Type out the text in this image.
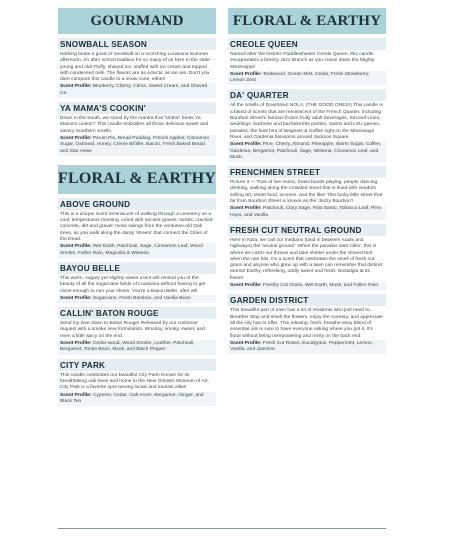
GOURMAND
SNOWBALL SEASON
Nothing beats a good ol' snowball on a scorching Louisiana Summer afternoon. An after school tradition for so many of us here in the state - young and old! Fluffy, shaved ice, stuffed with ice cream and topped with condensed milk. The flavors are as eclectic as we are. Don't you dare compare this candle to a snow cone, either!
Scent Profile: Blueberry, Cherry, Citrus, Sweet Cream, and Shaved Ice
YA MAMA'S COOKIN'
Down in the South, we stand by the mantra that 'Nothin' beats Ya Mama's cookin'!' This candle embodies all those delicious sweet and savory Southern smells.
Scent Profile: Pecan Pie, Bread Pudding, French Apples, Cinnamon Sugar, Oatmeal, Honey, Crème Brûlée, Bacon, Fresh Baked Bread and Star Anise
FLORAL & EARTHY
ABOVE GROUND
This is a unique scent reminiscent of walking through a cemetery on a cool, tempestuous morning. Lined with ancient graves, tombs, cracked concrete, dirt and gravel; moss swings from the centuries-old Oak trees, as you walk along the damp 'streets' that connect the Cities of the Dead.
Scent Profile: Wet Earth, Patchouli, Sage, Cinnamon Leaf, Wood Smoke, Fallen Rain, Magnolia & Wisteria
BAYOU BELLE
This warm, sugary yet slightly sweet scent will remind you of the beauty of all the sugarcane fields of Louisiana without having to get close enough to ruin your shoes. You're a Bayou Belle, after all!
Scent Profile: Sugarcane, Fresh Bamboo, and Vanilla Bean
CALLIN' BATON ROUGE
Send my love down to Baton Rouge! Released by our customer request with a smoke new formulation. Woodsy, smoky, sweet, and even a little spicy on the end.
Scent Profile: Cedar-wood, Wood Smoke, Leather, Patchouli, Bergamot, Tonka Bean, Musk, and Black Pepper
CITY PARK
This candle celebrates our beautiful City Park! Known for its breathtaking oak trees and home to the New Orleans Museum of Art, City Park is a favorite spot among locals and tourists alike!
Scent Profile: Cypress, Cedar, Oak-moss, Bergamot, Ginger, and Black Tea
FLORAL & EARTHY
CREOLE QUEEN
Named after the historic Paddlewheeler Creole Queen, this candle encapsulates a breezy Jazz Brunch as you cruise down the Mighty Mississippi!
Scent Profile: Teakwood, Ocean Mist, Cedar, Fresh Strawberry, Lemon Zest
DA' QUARTER
All the smells of Downtown NOLA, (THE GOOD ONES!) This candle is a blend of scents that are reminiscent of the French Quarter, including Bourbon Street's famous frozen fruity adult beverages, Second Lines, weddings, bachelor and bachelorette parties, Saints and LSU games, parades, the faint hint of Beignets & Coffee right on the Mississippi River, and Gardenia blossoms around Jackson Square.
Scent Profile: Pine, Cherry, Almond, Pineapple, Warm Sugar, Coffee, Gardenia, Bergamot, Patchouli, Sage, Wisteria, Cinnamon Leaf, and Musk.
FRENCHMEN STREET
Picture it — Tons of live music, brass bands playing, people dancing, drinking, walking along the crowded street that is lined with vendors selling art, street food, incense, and the like! This funky little street that far from Bourbon Street is known as the 'Jazzy Bourbon'!
Scent Profile: Patchouli, Clary Sage, Palo Santo, Tobacco Leaf, Pine, Hops, and Vanilla
FRESH CUT NEUTRAL GROUND
Here in Nola, we call our medians (land in between roads and highways) the 'neutral ground.' When the parades start rollin', this is where we catch our throws and take shelter under the closest tent when the rain hits. It's a scent that celebrates the smell of fresh cut grass and anyone who grew up with a lawn can remember that distinct aroma! Earthy, refreshing, oddly sweet and fresh. Nostalgia at its finest!
Scent Profile: Freshly Cut Grass, Wet Earth, Musk, and Fallen Rain
GARDEN DISTRICT
This beautiful part of town has a lot of residents who just need to.. Breathe! Stop and smell the flowers, enjoy the scenery, and appreciate all the city has to offer. This relaxing, fresh, breathe-easy blend of essential oils is sure to have everyone asking where you got it. It's floral without being overpowering and minty on the back end.
Scent Profile: Fresh Cut Roses, Eucalyptus, Peppermint, Lemon, Vanilla, and Jasmine
